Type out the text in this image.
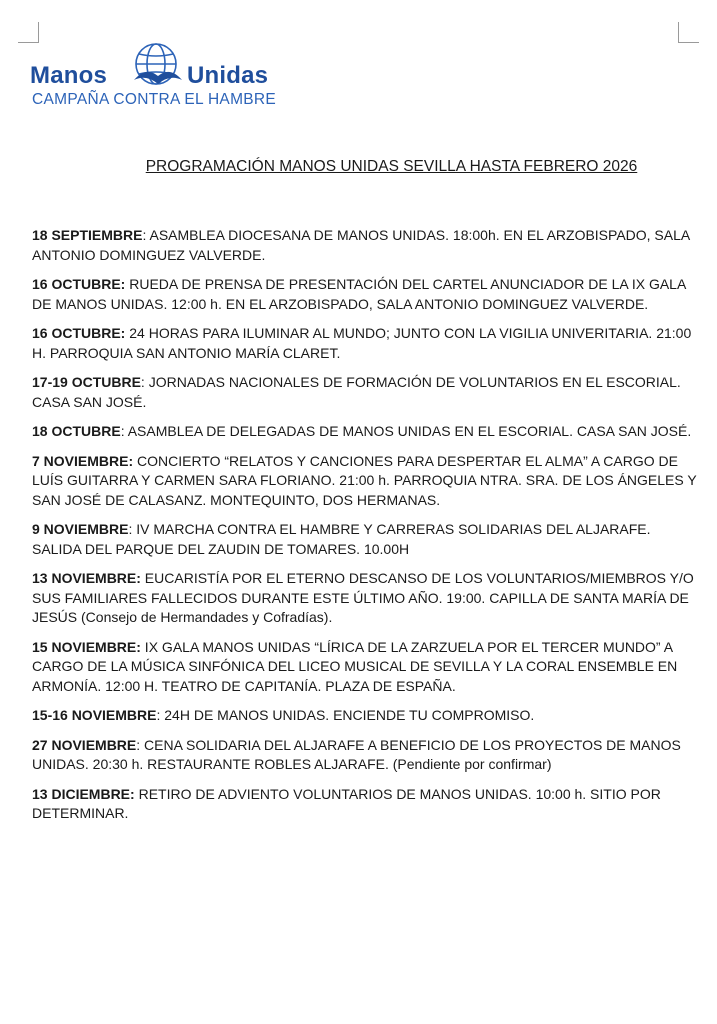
Manos	Unidas
CAMPAÑA CONTRA EL HAMBRE
PROGRAMACIÓN MANOS UNIDAS SEVILLA HASTA FEBRERO 2026

18 SEPTIEMBRE: ASAMBLEA DIOCESANA DE MANOS UNIDAS. 18:00h. EN EL ARZOBISPADO, SALA ANTONIO DOMINGUEZ VALVERDE.

16 OCTUBRE: RUEDA DE PRENSA DE PRESENTACIÓN DEL CARTEL ANUNCIADOR DE LA IX GALA DE MANOS UNIDAS. 12:00 h. EN EL ARZOBISPADO, SALA ANTONIO DOMINGUEZ VALVERDE.

16 OCTUBRE: 24 HORAS PARA ILUMINAR AL MUNDO; JUNTO CON LA VIGILIA UNIVERITARIA. 21:00 H. PARROQUIA SAN ANTONIO MARÍA CLARET.

17-19 OCTUBRE: JORNADAS NACIONALES DE FORMACIÓN DE VOLUNTARIOS EN EL ESCORIAL. CASA SAN JOSÉ.

18 OCTUBRE: ASAMBLEA DE DELEGADAS DE MANOS UNIDAS EN EL ESCORIAL. CASA SAN JOSÉ.

7 NOVIEMBRE: CONCIERTO “RELATOS Y CANCIONES PARA DESPERTAR EL ALMA” A CARGO DE LUÍS GUITARRA Y CARMEN SARA FLORIANO. 21:00 h. PARROQUIA NTRA. SRA. DE LOS ÁNGELES Y SAN JOSÉ DE CALASANZ. MONTEQUINTO, DOS HERMANAS.

9 NOVIEMBRE: IV MARCHA CONTRA EL HAMBRE Y CARRERAS SOLIDARIAS DEL ALJARAFE. SALIDA DEL PARQUE DEL ZAUDIN DE TOMARES. 10.00H

13 NOVIEMBRE: EUCARISTÍA POR EL ETERNO DESCANSO DE LOS VOLUNTARIOS/MIEMBROS Y/O SUS FAMILIARES FALLECIDOS DURANTE ESTE ÚLTIMO AÑO. 19:00. CAPILLA DE SANTA MARÍA DE JESÚS (Consejo de Hermandades y Cofradías).

15 NOVIEMBRE: IX GALA MANOS UNIDAS “LÍRICA DE LA ZARZUELA POR EL TERCER MUNDO” A CARGO DE LA MÚSICA SINFÓNICA DEL LICEO MUSICAL DE SEVILLA Y LA CORAL ENSEMBLE EN ARMONÍA. 12:00 H. TEATRO DE CAPITANÍA. PLAZA DE ESPAÑA.

15-16 NOVIEMBRE: 24H DE MANOS UNIDAS. ENCIENDE TU COMPROMISO.

27 NOVIEMBRE: CENA SOLIDARIA DEL ALJARAFE A BENEFICIO DE LOS PROYECTOS DE MANOS UNIDAS. 20:30 h. RESTAURANTE ROBLES ALJARAFE. (Pendiente por confirmar)

13 DICIEMBRE: RETIRO DE ADVIENTO VOLUNTARIOS DE MANOS UNIDAS. 10:00 h. SITIO POR DETERMINAR.
